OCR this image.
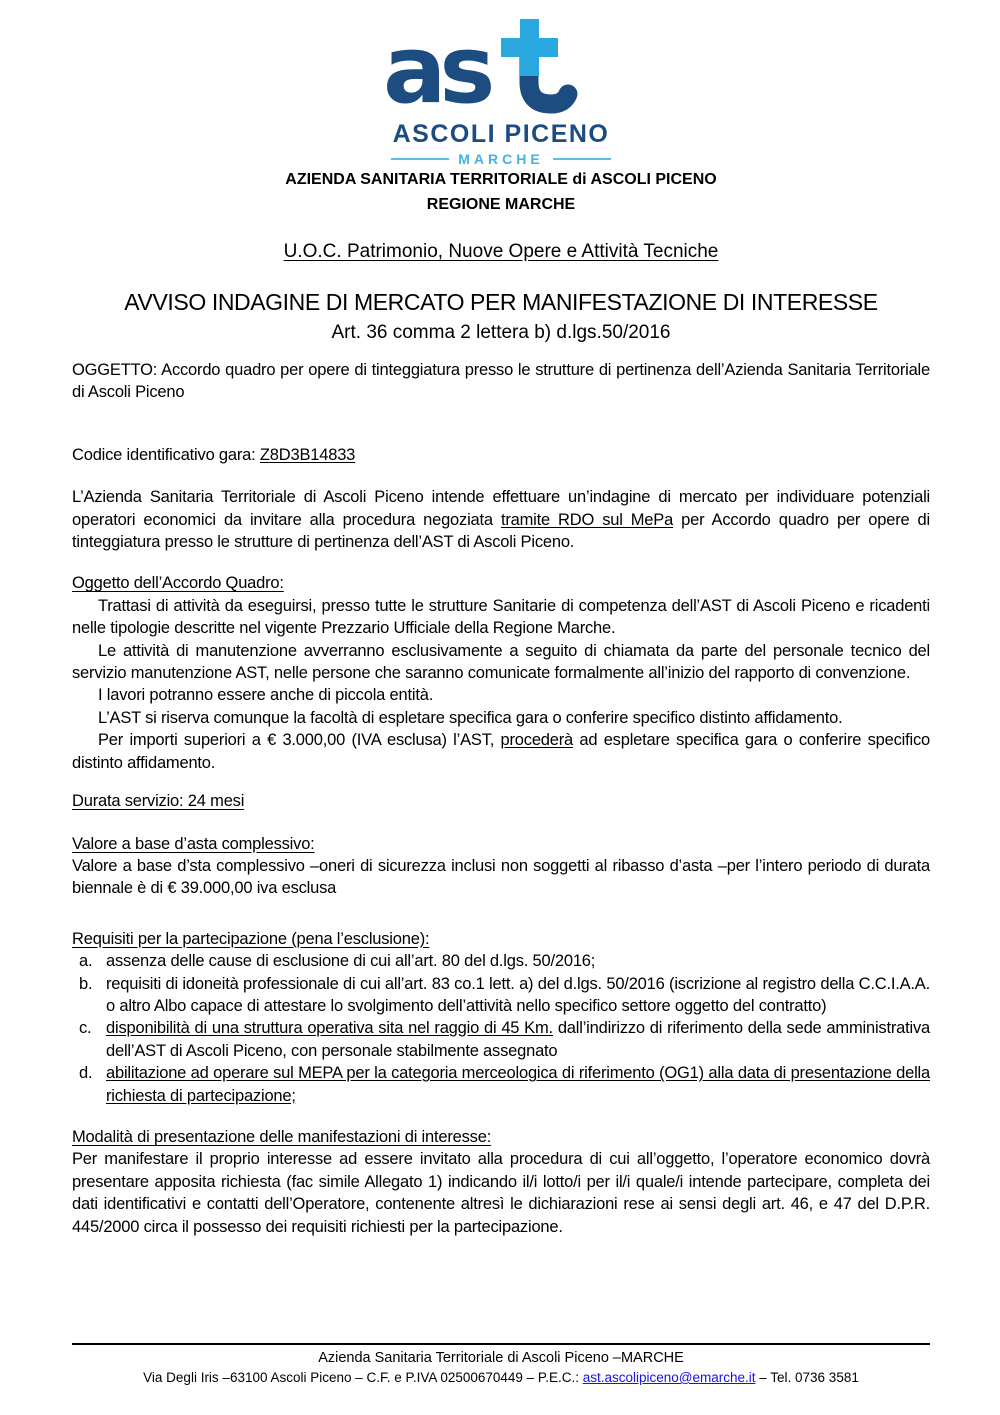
as
ASCOLI PICENO
MARCHE
AZIENDA SANITARIA TERRITORIALE di ASCOLI PICENO
REGIONE MARCHE
U.O.C. Patrimonio, Nuove Opere e Attività Tecniche
AVVISO INDAGINE DI MERCATO PER MANIFESTAZIONE DI INTERESSE
Art. 36 comma 2 lettera b) d.lgs.50/2016

OGGETTO: Accordo quadro per opere di tinteggiatura presso le strutture di pertinenza dell’Azienda Sanitaria Territoriale di Ascoli Piceno

Codice identificativo gara: Z8D3B14833

L’Azienda Sanitaria Territoriale di Ascoli Piceno intende effettuare un’indagine di mercato per individuare potenziali operatori economici da invitare alla procedura negoziata tramite RDO sul MePa per Accordo quadro per opere di tinteggiatura presso le strutture di pertinenza dell’AST di Ascoli Piceno.

Oggetto dell’Accordo Quadro:

Trattasi di attività da eseguirsi, presso tutte le strutture Sanitarie di competenza dell’AST di Ascoli Piceno e ricadenti nelle tipologie descritte nel vigente Prezzario Ufficiale della Regione Marche.

Le attività di manutenzione avverranno esclusivamente a seguito di chiamata da parte del personale tecnico del servizio manutenzione AST, nelle persone che saranno comunicate formalmente all’inizio del rapporto di convenzione.

I lavori potranno essere anche di piccola entità.

L’AST si riserva comunque la facoltà di espletare specifica gara o conferire specifico distinto affidamento.

Per importi superiori a € 3.000,00 (IVA esclusa) l’AST, procederà ad espletare specifica gara o conferire specifico distinto affidamento.

Durata servizio: 24 mesi
Valore a base d’asta complessivo:

Valore a base d’sta complessivo –oneri di sicurezza inclusi non soggetti al ribasso d’asta –per l’intero periodo di durata biennale è di € 39.000,00 iva esclusa

Requisiti per la partecipazione (pena l’esclusione):
a. assenza delle cause di esclusione di cui all’art. 80 del d.lgs. 50/2016;
b. requisiti di idoneità professionale di cui all’art. 83 co.1 lett. a) del d.lgs. 50/2016 (iscrizione al registro della C.C.I.A.A. o altro Albo capace di attestare lo svolgimento dell’attività nello specifico settore oggetto del contratto)
c. disponibilità di una struttura operativa sita nel raggio di 45 Km. dall’indirizzo di riferimento della sede amministrativa dell’AST di Ascoli Piceno, con personale stabilmente assegnato
d. abilitazione ad operare sul MEPA per la categoria merceologica di riferimento (OG1) alla data di presentazione della richiesta di partecipazione;
Modalità di presentazione delle manifestazioni di interesse:

Per manifestare il proprio interesse ad essere invitato alla procedura di cui all’oggetto, l’operatore economico dovrà presentare apposita richiesta (fac simile Allegato 1) indicando il/i lotto/i per il/i quale/i intende partecipare, completa dei dati identificativi e contatti dell’Operatore, contenente altresì le dichiarazioni rese ai sensi degli art. 46, e 47 del D.P.R. 445/2000 circa il possesso dei requisiti richiesti per la partecipazione.

Azienda Sanitaria Territoriale di Ascoli Piceno –MARCHE
Via Degli Iris –63100 Ascoli Piceno – C.F. e P.IVA 02500670449 – P.E.C.: ast.ascolipiceno@emarche.it – Tel. 0736 3581
